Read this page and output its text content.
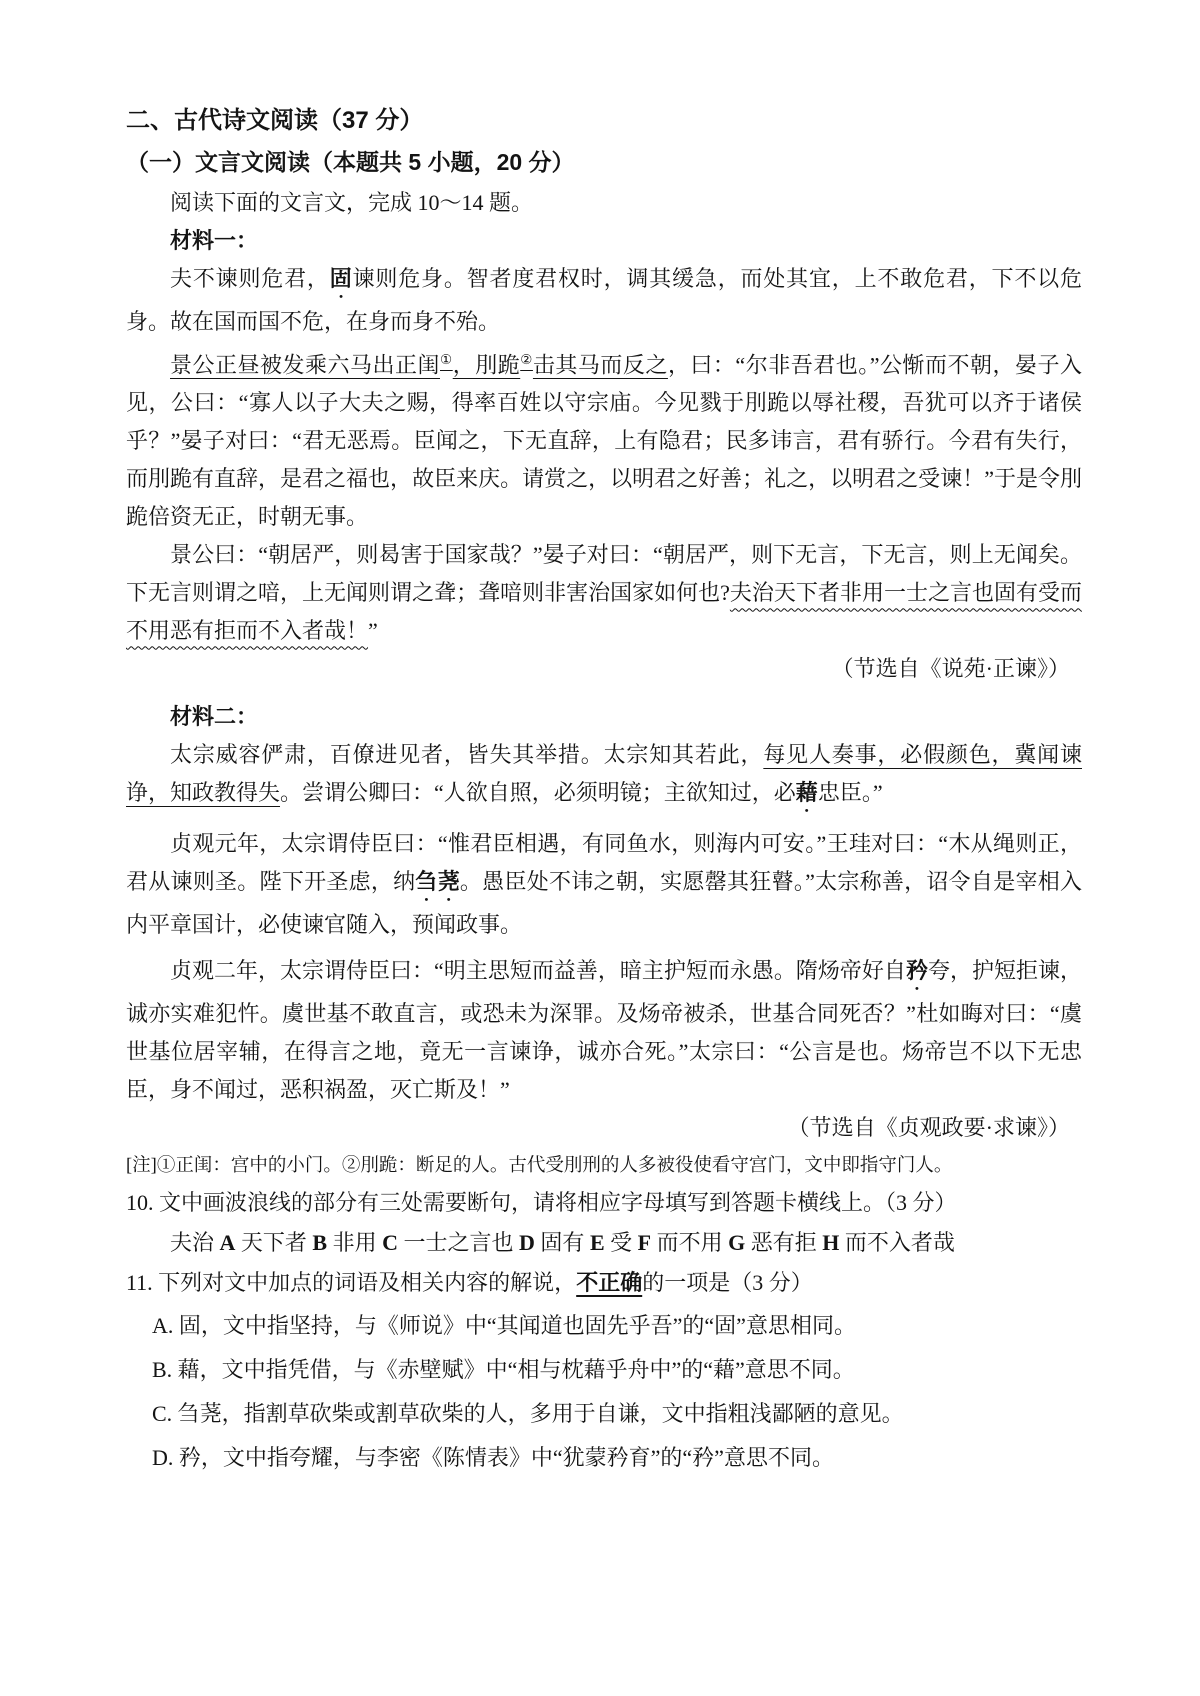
二、古代诗文阅读（37 分）
（一）文言文阅读（本题共 5 小题，20 分）

阅读下面的文言文，完成 10～14 题。

材料一：

夫不谏则危君，固谏则危身。智者度君权时，调其缓急，而处其宜，上不敢危君，下不以危身。故在国而国不危，在身而身不殆。

景公正昼被发乘六马出正闺①，刖跪②击其马而反之，曰：“尔非吾君也。”公惭而不朝，晏子入见，公曰：“寡人以子大夫之赐，得率百姓以守宗庙。今见戮于刖跪以辱社稷，吾犹可以齐于诸侯乎？”晏子对曰：“君无恶焉。臣闻之，下无直辞，上有隐君；民多讳言，君有骄行。今君有失行，而刖跪有直辞，是君之福也，故臣来庆。请赏之，以明君之好善；礼之，以明君之受谏！”于是令刖跪倍资无正，时朝无事。

景公曰：“朝居严，则曷害于国家哉？”晏子对曰：“朝居严，则下无言，下无言，则上无闻矣。下无言则谓之喑，上无闻则谓之聋；聋喑则非害治国家如何也?夫治天下者非用一士之言也固有受而不用恶有拒而不入者哉！”

（节选自《说苑·正谏》）

材料二：

太宗威容俨肃，百僚进见者，皆失其举措。太宗知其若此，每见人奏事，必假颜色，冀闻谏诤，知政教得失。尝谓公卿曰：“人欲自照，必须明镜；主欲知过，必藉忠臣。”

贞观元年，太宗谓侍臣曰：“惟君臣相遇，有同鱼水，则海内可安。”王珪对曰：“木从绳则正，君从谏则圣。陛下开圣虑，纳刍荛。愚臣处不讳之朝，实愿罄其狂瞽。”太宗称善，诏令自是宰相入内平章国计，必使谏官随入，预闻政事。

贞观二年，太宗谓侍臣曰：“明主思短而益善，暗主护短而永愚。隋炀帝好自矜夸，护短拒谏，诚亦实难犯忤。虞世基不敢直言，或恐未为深罪。及炀帝被杀，世基合同死否？”杜如晦对曰：“虞世基位居宰辅，在得言之地，竟无一言谏诤，诚亦合死。”太宗曰：“公言是也。炀帝岂不以下无忠臣，身不闻过，恶积祸盈，灭亡斯及！”

（节选自《贞观政要·求谏》）

[注]①正闺：宫中的小门。②刖跪：断足的人。古代受刖刑的人多被役使看守宫门，文中即指守门人。

10. 文中画波浪线的部分有三处需要断句，请将相应字母填写到答题卡横线上。（3 分）

夫治 A 天下者 B 非用 C 一士之言也 D 固有 E 受 F 而不用 G 恶有拒 H 而不入者哉

11. 下列对文中加点的词语及相关内容的解说，不正确的一项是（3 分）

A. 固，文中指坚持，与《师说》中“其闻道也固先乎吾”的“固”意思相同。

B. 藉，文中指凭借，与《赤壁赋》中“相与枕藉乎舟中”的“藉”意思不同。

C. 刍荛，指割草砍柴或割草砍柴的人，多用于自谦，文中指粗浅鄙陋的意见。

D. 矜，文中指夸耀，与李密《陈情表》中“犹蒙矜育”的“矜”意思不同。
